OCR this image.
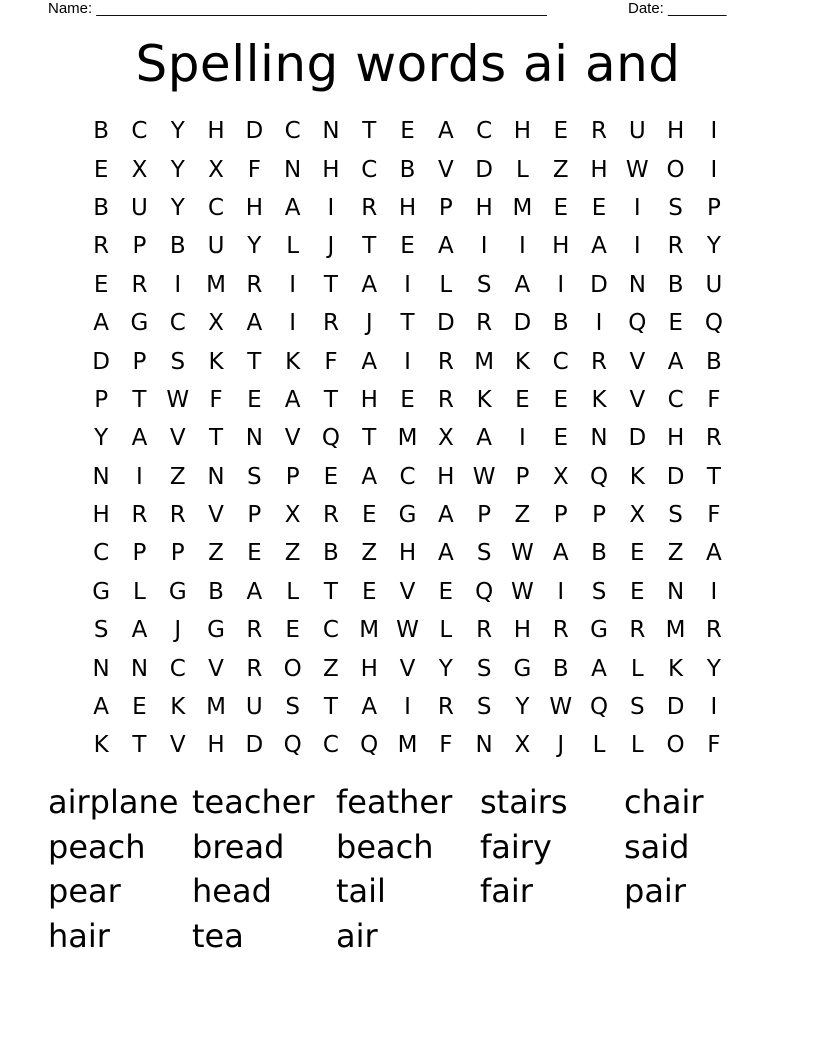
Name: ______________________________________________________	Date: _______
Spelling words ai and
B C	Y H D C N T	E	A C H E	R U H	I
E	X	Y	X	F	N H C B V D	L	Z H W O	I
B U Y	C H A	I	R H P H M E	E	I	S	P
R	P	B U Y	L	J	T	E	A	I	I	H A	I	R	Y
E	R	I	M R	I	T	A	I	L	S	A	I	D N B U
A G C X A	I	R	J	T D R D B	I	Q E Q
D P	S	K	T	K	F	A	I	R M K C R V A B
P	T W F	E	A	T H E	R K	E	E	K V C	F
Y	A V	T N V Q T M X A	I	E N D H R
N	I	Z N S	P	E	A C H W P	X Q K D T
H R R V	P	X R	E G A	P	Z	P	P	X	S	F
C	P	P	Z	E	Z B Z H A	S W A B	E	Z A
G L G B A	L	T	E	V	E Q W	I	S	E N	I
S	A	J	G R	E C M W L	R H R G R M R
N N C V R O Z H V	Y	S G B A	L	K	Y
A	E	K M U S	T	A	I	R	S	Y W Q S D	I
K	T	V H D Q C Q M F	N X	J	L	L O F
airplane teacher feather stairs	chair
peach	bread	beach	fairy	said
pear	head	tail	fair	pair
hair	tea	air
